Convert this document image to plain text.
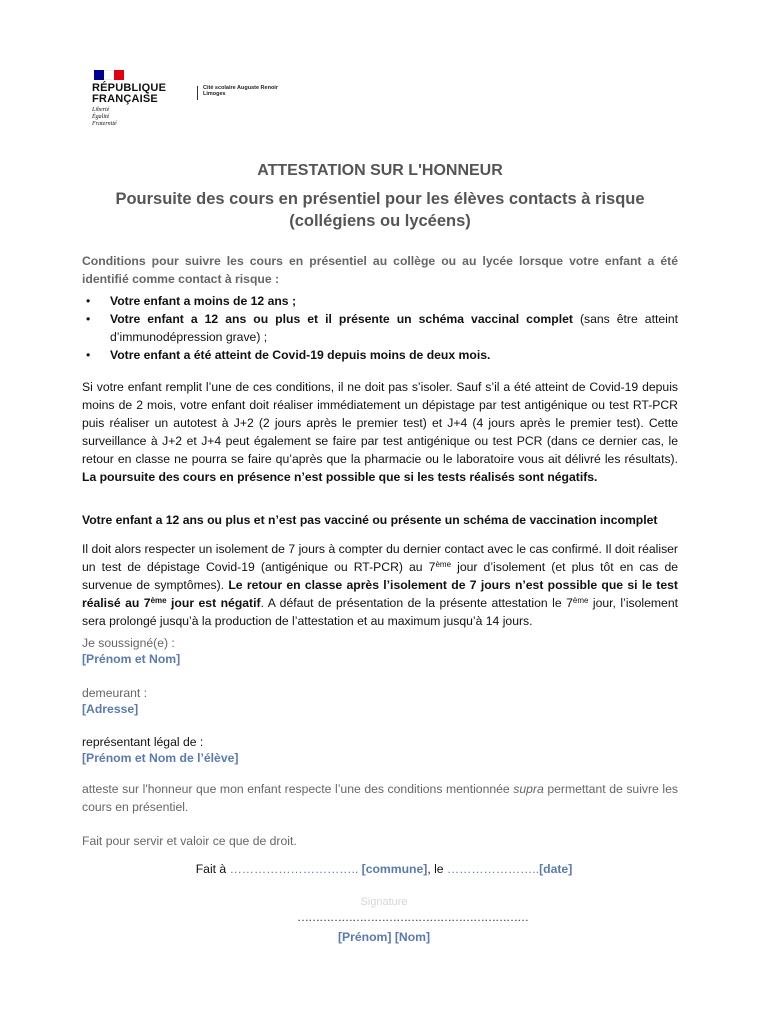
RÉPUBLIQUE
FRANÇAISE
Liberté
Égalité
Fraternité
Cité scolaire Auguste Renoir
Limoges
ATTESTATION SUR L'HONNEUR
Poursuite des cours en présentiel pour les élèves contacts à risque
(collégiens ou lycéens)
Conditions pour suivre les cours en présentiel au collège ou au lycée lorsque votre enfant a été identifié comme contact à risque :
• Votre enfant a moins de 12 ans ;
• Votre enfant a 12 ans ou plus et il présente un schéma vaccinal complet (sans être atteint d’immunodépression grave) ;
• Votre enfant a été atteint de Covid-19 depuis moins de deux mois.
Si votre enfant remplit l’une de ces conditions, il ne doit pas s’isoler. Sauf s’il a été atteint de Covid-19 depuis moins de 2 mois, votre enfant doit réaliser immédiatement un dépistage par test antigénique ou test RT-PCR puis réaliser un autotest à J+2 (2 jours après le premier test) et J+4 (4 jours après le premier test). Cette surveillance à J+2 et J+4 peut également se faire par test antigénique ou test PCR (dans ce dernier cas, le retour en classe ne pourra se faire qu’après que la pharmacie ou le laboratoire vous ait délivré les résultats). La poursuite des cours en présence n’est possible que si les tests réalisés sont négatifs.
Votre enfant a 12 ans ou plus et n’est pas vacciné ou présente un schéma de vaccination incomplet
Il doit alors respecter un isolement de 7 jours à compter du dernier contact avec le cas confirmé. Il doit réaliser un test de dépistage Covid-19 (antigénique ou RT-PCR) au 7ème jour d’isolement (et plus tôt en cas de survenue de symptômes). Le retour en classe après l’isolement de 7 jours n’est possible que si le test réalisé au 7ème jour est négatif. A défaut de présentation de la présente attestation le 7ème jour, l’isolement sera prolongé jusqu’à la production de l’attestation et au maximum jusqu’à 14 jours.
Je soussigné(e) :
[Prénom et Nom]
demeurant :
[Adresse]
représentant légal de :
[Prénom et Nom de l’élève]
atteste sur l'honneur que mon enfant respecte l’une des conditions mentionnée supra permettant de suivre les cours en présentiel.
Fait pour servir et valoir ce que de droit.
Fait à ………………………….. [commune], le …………………..[date]
Signature
………………………………………………………
[Prénom] [Nom]
